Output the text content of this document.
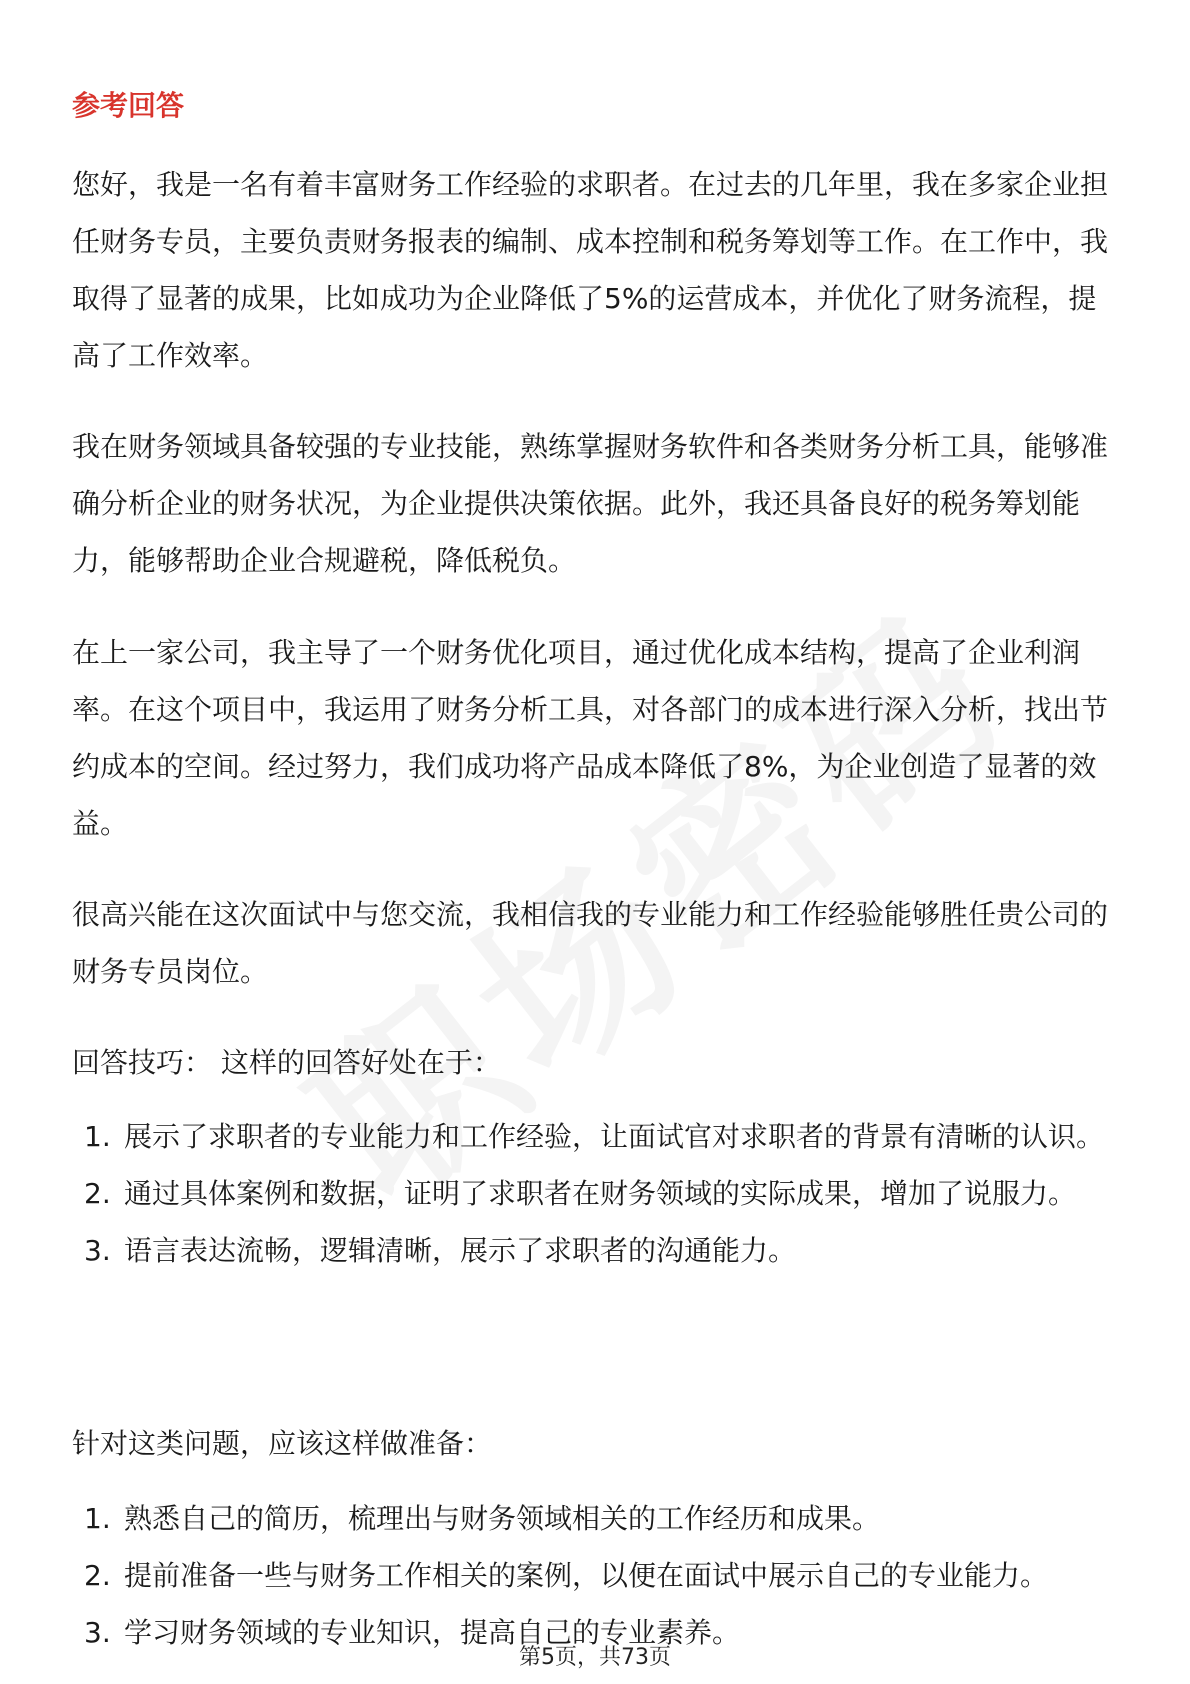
参考回答

您好，我是一名有着丰富财务工作经验的求职者。在过去的几年里，我在多家企业担任财务专员，主要负责财务报表的编制、成本控制和税务筹划等工作。在工作中，我取得了显著的成果，比如成功为企业降低了5%的运营成本，并优化了财务流程，提高了工作效率。

我在财务领域具备较强的专业技能，熟练掌握财务软件和各类财务分析工具，能够准确分析企业的财务状况，为企业提供决策依据。此外，我还具备良好的税务筹划能力，能够帮助企业合规避税，降低税负。

在上一家公司，我主导了一个财务优化项目，通过优化成本结构，提高了企业利润率。在这个项目中，我运用了财务分析工具，对各部门的成本进行深入分析，找出节约成本的空间。经过努力，我们成功将产品成本降低了8%，为企业创造了显著的效益。

很高兴能在这次面试中与您交流，我相信我的专业能力和工作经验能够胜任贵公司的财务专员岗位。

回答技巧： 这样的回答好处在于：

1. 展示了求职者的专业能力和工作经验，让面试官对求职者的背景有清晰的认识。
2. 通过具体案例和数据，证明了求职者在财务领域的实际成果，增加了说服力。
3. 语言表达流畅，逻辑清晰，展示了求职者的沟通能力。

针对这类问题，应该这样做准备：

1. 熟悉自己的简历，梳理出与财务领域相关的工作经历和成果。
2. 提前准备一些与财务工作相关的案例，以便在面试中展示自己的专业能力。
3. 学习财务领域的专业知识，提高自己的专业素养。
第5页，共73页
